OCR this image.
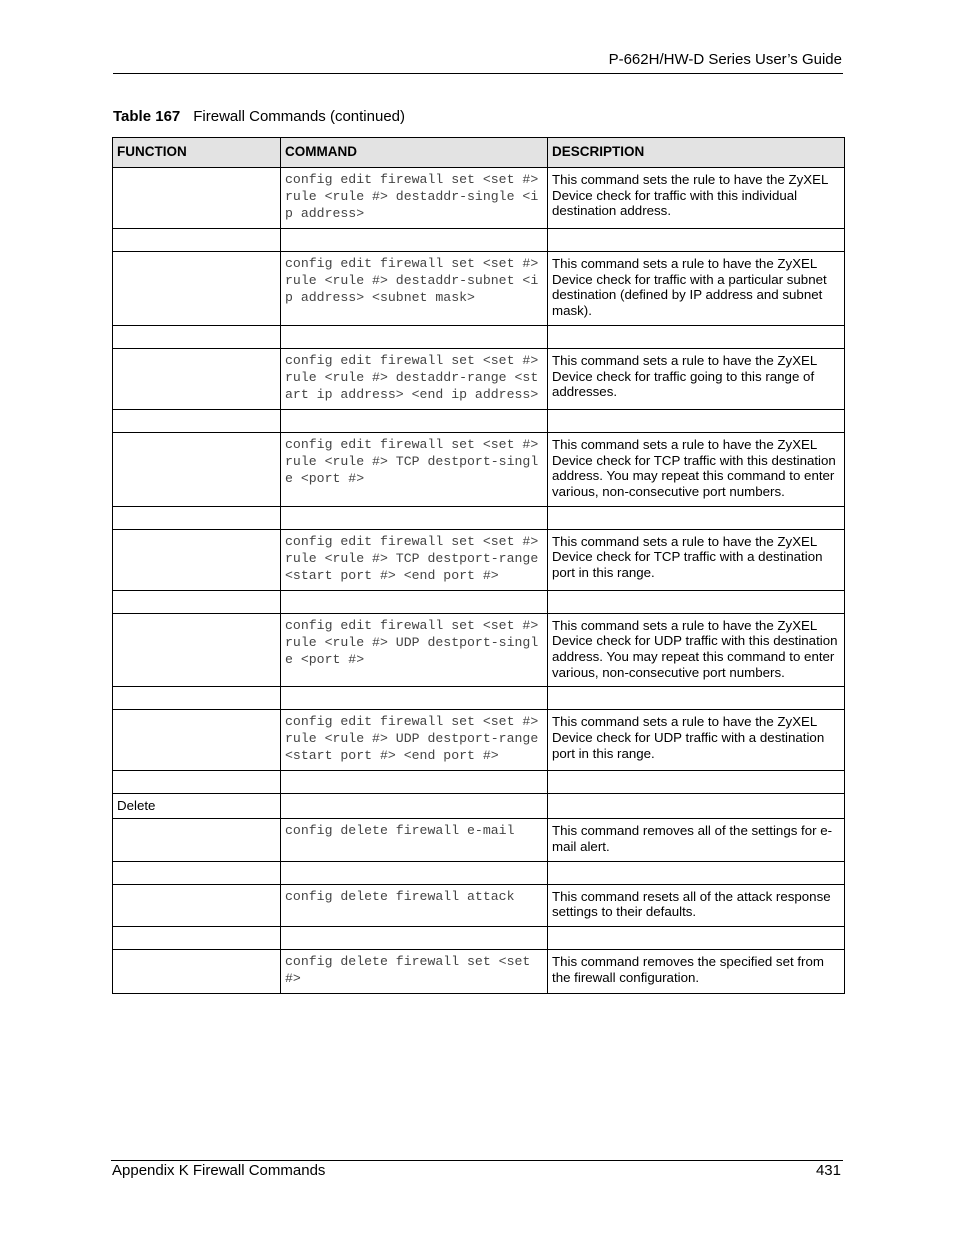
P-662H/HW-D Series User’s Guide
Table 167 Firewall Commands (continued)
FUNCTION	COMMAND	DESCRIPTION
	config edit firewall set <set #> rule <rule #> destaddr-single <ip address>	This command sets the rule to have the ZyXEL Device check for traffic with this individual destination address.

	config edit firewall set <set #> rule <rule #> destaddr-subnet <ip address> <subnet mask>	This command sets a rule to have the ZyXEL Device check for traffic with a particular subnet destination (defined by IP address and subnet mask).

	config edit firewall set <set #> rule <rule #> destaddr-range <start ip address> <end ip address>	This command sets a rule to have the ZyXEL Device check for traffic going to this range of addresses.

	config edit firewall set <set #> rule <rule #> TCP destport-single <port #>	This command sets a rule to have the ZyXEL Device check for TCP traffic with this destination address. You may repeat this command to enter various, non-consecutive port numbers.

	config edit firewall set <set #> rule <rule #> TCP destport-range <start port #> <end port #>	This command sets a rule to have the ZyXEL Device check for TCP traffic with a destination port in this range.

	config edit firewall set <set #> rule <rule #> UDP destport-single <port #>	This command sets a rule to have the ZyXEL Device check for UDP traffic with this destination address. You may repeat this command to enter various, non-consecutive port numbers.

	config edit firewall set <set #> rule <rule #> UDP destport-range <start port #> <end port #>	This command sets a rule to have the ZyXEL Device check for UDP traffic with a destination port in this range.

Delete		
	config delete firewall e-mail	This command removes all of the settings for e-mail alert.

	config delete firewall attack	This command resets all of the attack response settings to their defaults.

	config delete firewall set <set #>	This command removes the specified set from the firewall configuration.
Appendix K Firewall Commands	431
